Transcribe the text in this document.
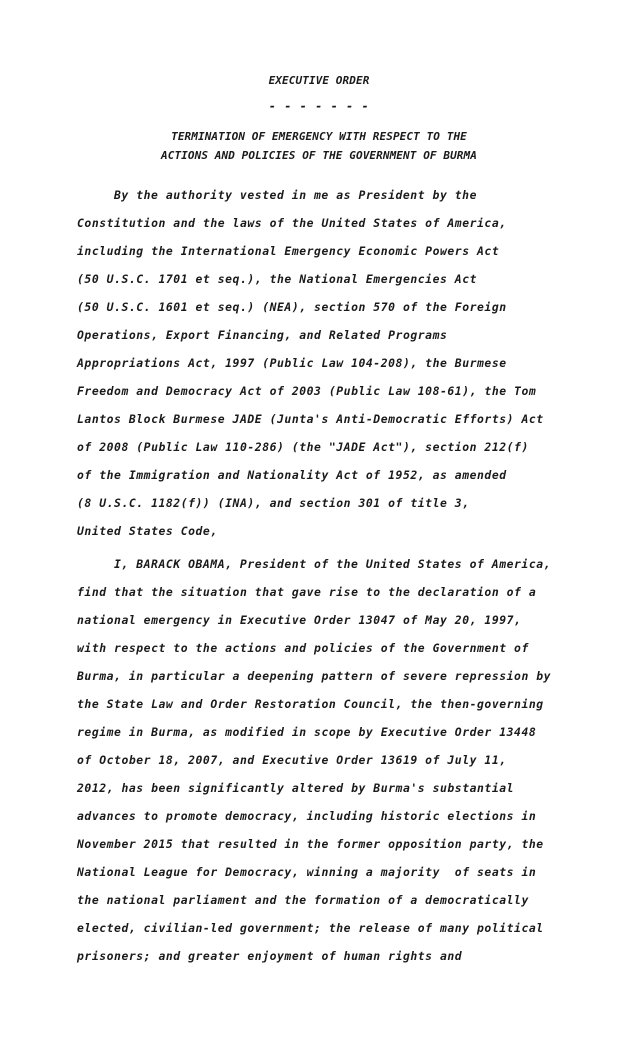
EXECUTIVE ORDER
- - - - - - -
TERMINATION OF EMERGENCY WITH RESPECT TO THE
ACTIONS AND POLICIES OF THE GOVERNMENT OF BURMA
By the authority vested in me as President by the
Constitution and the laws of the United States of America,
including the International Emergency Economic Powers Act
(50 U.S.C. 1701 et seq.), the National Emergencies Act
(50 U.S.C. 1601 et seq.) (NEA), section 570 of the Foreign
Operations, Export Financing, and Related Programs
Appropriations Act, 1997 (Public Law 104-208), the Burmese
Freedom and Democracy Act of 2003 (Public Law 108-61), the Tom
Lantos Block Burmese JADE (Junta's Anti-Democratic Efforts) Act
of 2008 (Public Law 110-286) (the "JADE Act"), section 212(f)
of the Immigration and Nationality Act of 1952, as amended
(8 U.S.C. 1182(f)) (INA), and section 301 of title 3,
United States Code,
I, BARACK OBAMA, President of the United States of America,
find that the situation that gave rise to the declaration of a
national emergency in Executive Order 13047 of May 20, 1997,
with respect to the actions and policies of the Government of
Burma, in particular a deepening pattern of severe repression by
the State Law and Order Restoration Council, the then-governing
regime in Burma, as modified in scope by Executive Order 13448
of October 18, 2007, and Executive Order 13619 of July 11,
2012, has been significantly altered by Burma's substantial
advances to promote democracy, including historic elections in
November 2015 that resulted in the former opposition party, the
National League for Democracy, winning a majority  of seats in
the national parliament and the formation of a democratically
elected, civilian-led government; the release of many political
prisoners; and greater enjoyment of human rights and
